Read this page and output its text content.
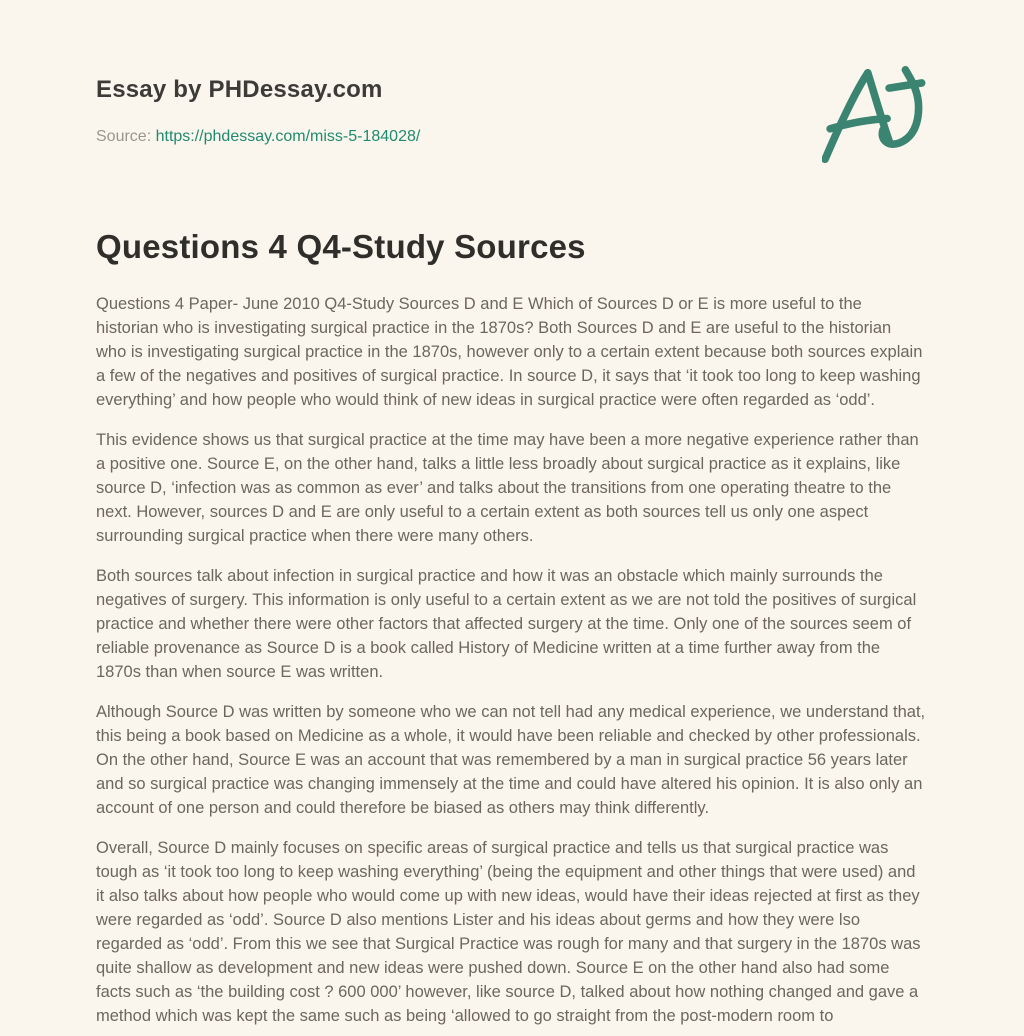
Essay by PHDessay.com
Source: https://phdessay.com/miss-5-184028/
Questions 4 Q4-Study Sources

Questions 4 Paper- June 2010 Q4-Study Sources D and E Which of Sources D or E is more useful to the historian who is investigating surgical practice in the 1870s? Both Sources D and E are useful to the historian who is investigating surgical practice in the 1870s, however only to a certain extent because both sources explain a few of the negatives and positives of surgical practice. In source D, it says that ‘it took too long to keep washing everything’ and how people who would think of new ideas in surgical practice were often regarded as ‘odd’.

This evidence shows us that surgical practice at the time may have been a more negative experience rather than a positive one. Source E, on the other hand, talks a little less broadly about surgical practice as it explains, like source D, ‘infection was as common as ever’ and talks about the transitions from one operating theatre to the next. However, sources D and E are only useful to a certain extent as both sources tell us only one aspect surrounding surgical practice when there were many others.

Both sources talk about infection in surgical practice and how it was an obstacle which mainly surrounds the negatives of surgery. This information is only useful to a certain extent as we are not told the positives of surgical practice and whether there were other factors that affected surgery at the time. Only one of the sources seem of reliable provenance as Source D is a book called History of Medicine written at a time further away from the 1870s than when source E was written.

Although Source D was written by someone who we can not tell had any medical experience, we understand that, this being a book based on Medicine as a whole, it would have been reliable and checked by other professionals. On the other hand, Source E was an account that was remembered by a man in surgical practice 56 years later and so surgical practice was changing immensely at the time and could have altered his opinion. It is also only an account of one person and could therefore be biased as others may think differently.

Overall, Source D mainly focuses on specific areas of surgical practice and tells us that surgical practice was tough as ‘it took too long to keep washing everything’ (being the equipment and other things that were used) and it also talks about how people who would come up with new ideas, would have their ideas rejected at first as they were regarded as ‘odd’. Source D also mentions Lister and his ideas about germs and how they were lso regarded as ‘odd’. From this we see that Surgical Practice was rough for many and that surgery in the 1870s was quite shallow as development and new ideas were pushed down. Source E on the other hand also had some facts such as ‘the building cost ? 600 000’ however, like source D, talked about how nothing changed and gave a method which was kept the same such as being ‘allowed to go straight from the post-modern room to
